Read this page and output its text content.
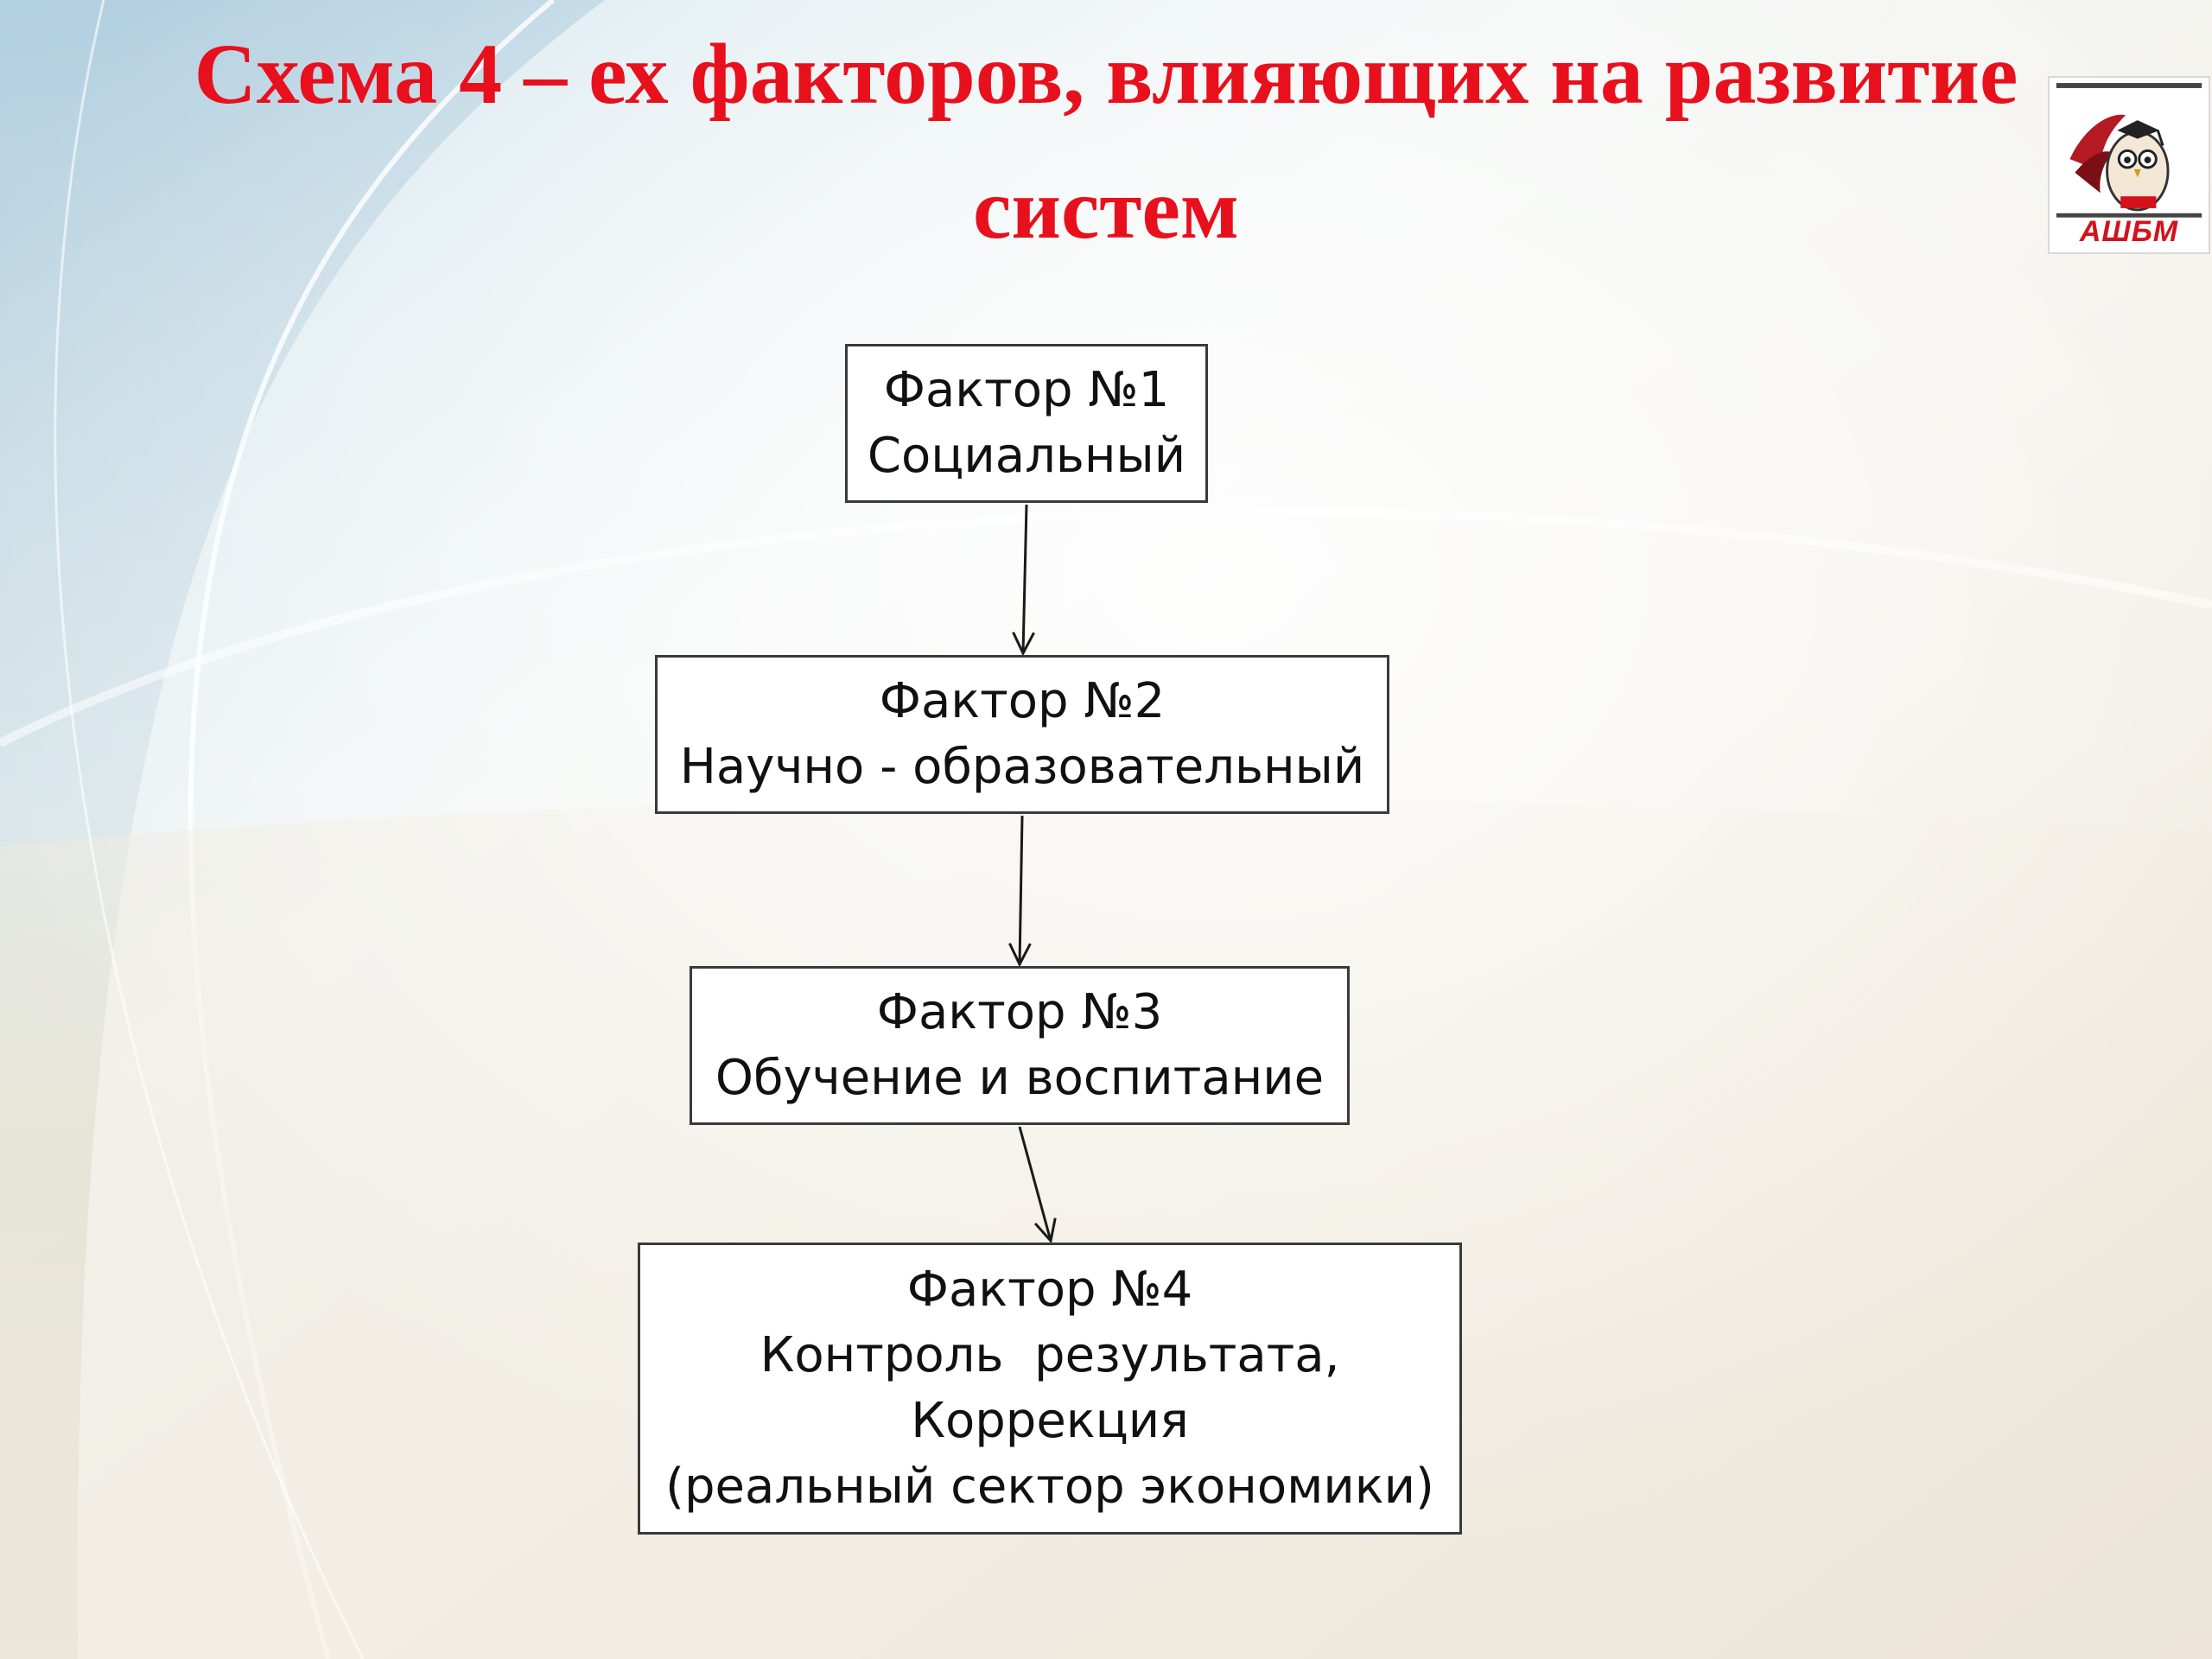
Схема 4 – ех факторов, влияющих на развитие
систем	АШБМ
Фактор №1
Социальный
Фактор №2
Научно - образовательный
Фактор №3
Обучение и воспитание
Фактор №4
Контроль  результата,
Коррекция
(реальный сектор экономики)
